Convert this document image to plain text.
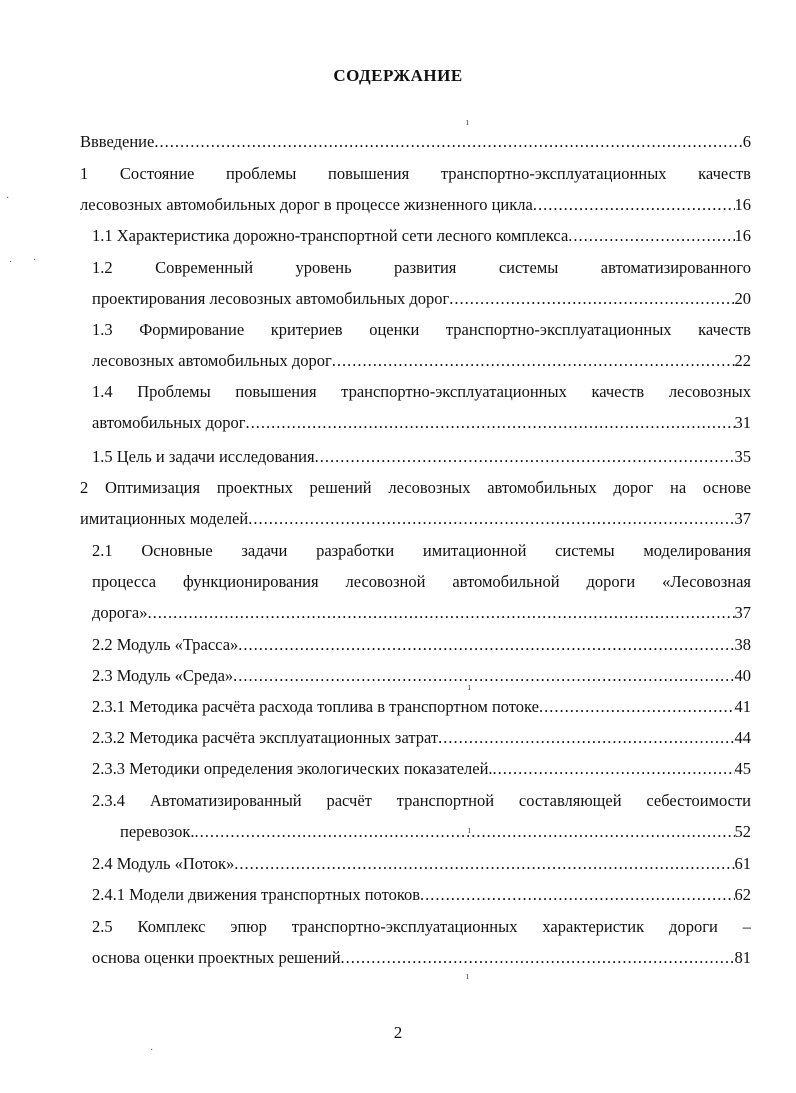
СОДЕРЖАНИЕ
Ввведение .....	6
1 Состояние проблемы повышения транспортно-эксплуатационных качеств
лесовозных автомобильных дорог в процессе жизненного цикла .....	16
1.1 Характеристика дорожно-транспортной сети лесного комплекса .....	16
1.2	Современный	уровень	развития	системы	автоматизированного
проектирования лесовозных автомобильных дорог .....	20
1.3 Формирование критериев оценки транспортно-эксплуатационных качеств
лесовозных автомобильных дорог .....	22
1.4 Проблемы повышения транспортно-эксплуатационных качеств лесовозных
автомобильных дорог .....	31
1.5 Цель и задачи исследования .....	35
2 Оптимизация проектных решений лесовозных автомобильных дорог на основе
имитационных моделей .....	37
2.1 Основные задачи разработки имитационной системы моделирования
процесса функционирования лесовозной автомобильной дороги «Лесовозная
дорога» .....	37
2.2 Модуль «Трасса» .....	38
2.3 Модуль «Среда» .....	40
2.3.1 Методика расчёта расхода топлива в транспортном потоке .....	41
2.3.2 Методика расчёта эксплуатационных затрат .....	44
2.3.3 Методики определения экологических показателей. .....	45
2.3.4 Автоматизированный расчёт транспортной составляющей себестоимости
перевозок. .....	52
2.4 Модуль «Поток» .....	61
2.4.1 Модели движения транспортных потоков .....	62
2.5 Комплекс эпюр транспортно-эксплуатационных характеристик дороги –
основа оценки проектных решений .....	81
2
ı
·
· ·
ı
ı
ı
·
